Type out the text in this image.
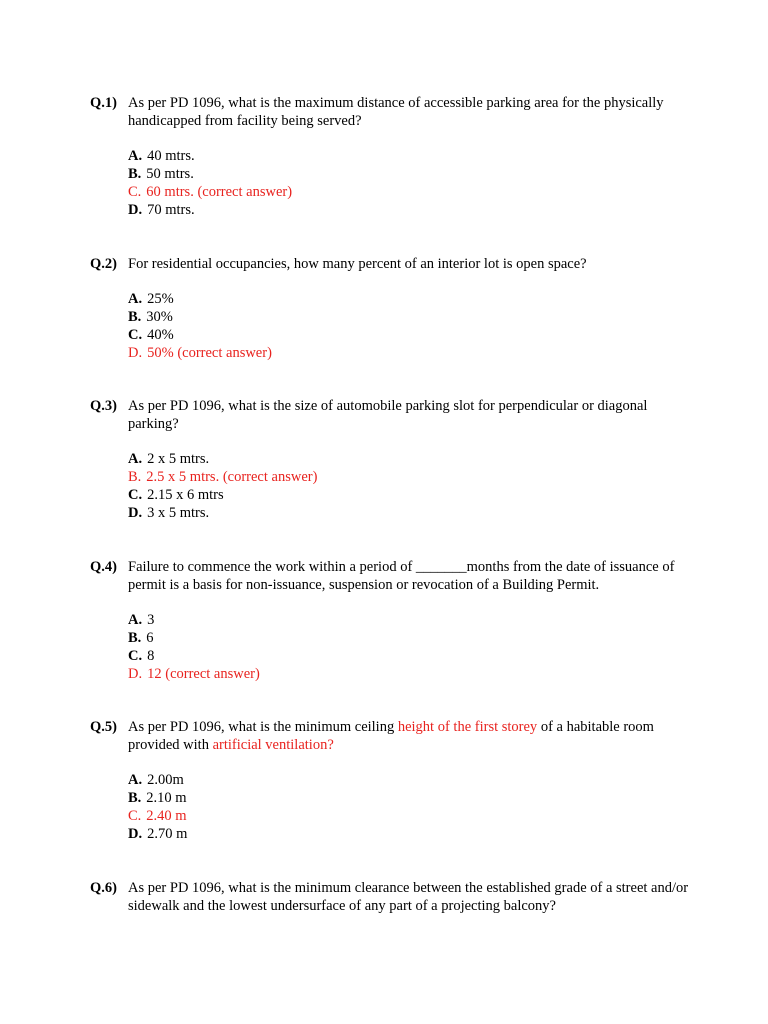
Q.1) As per PD 1096, what is the maximum distance of accessible parking area for the physically handicapped from facility being served?
A. 40 mtrs.
B. 50 mtrs.
C. 60 mtrs. (correct answer)
D. 70 mtrs.
Q.2) For residential occupancies, how many percent of an interior lot is open space?
A. 25%
B. 30%
C. 40%
D. 50% (correct answer)
Q.3) As per PD 1096, what is the size of automobile parking slot for perpendicular or diagonal parking?
A. 2 x 5 mtrs.
B. 2.5 x 5 mtrs. (correct answer)
C. 2.15 x 6 mtrs
D. 3 x 5 mtrs.
Q.4) Failure to commence the work within a period of _______months from the date of issuance of permit is a basis for non-issuance, suspension or revocation of a Building Permit.
A. 3
B. 6
C. 8
D. 12 (correct answer)
Q.5) As per PD 1096, what is the minimum ceiling height of the first storey of a habitable room provided with artificial ventilation?
A. 2.00m
B. 2.10 m
C. 2.40 m
D. 2.70 m
Q.6) As per PD 1096, what is the minimum clearance between the established grade of a street and/or sidewalk and the lowest undersurface of any part of a projecting balcony?
